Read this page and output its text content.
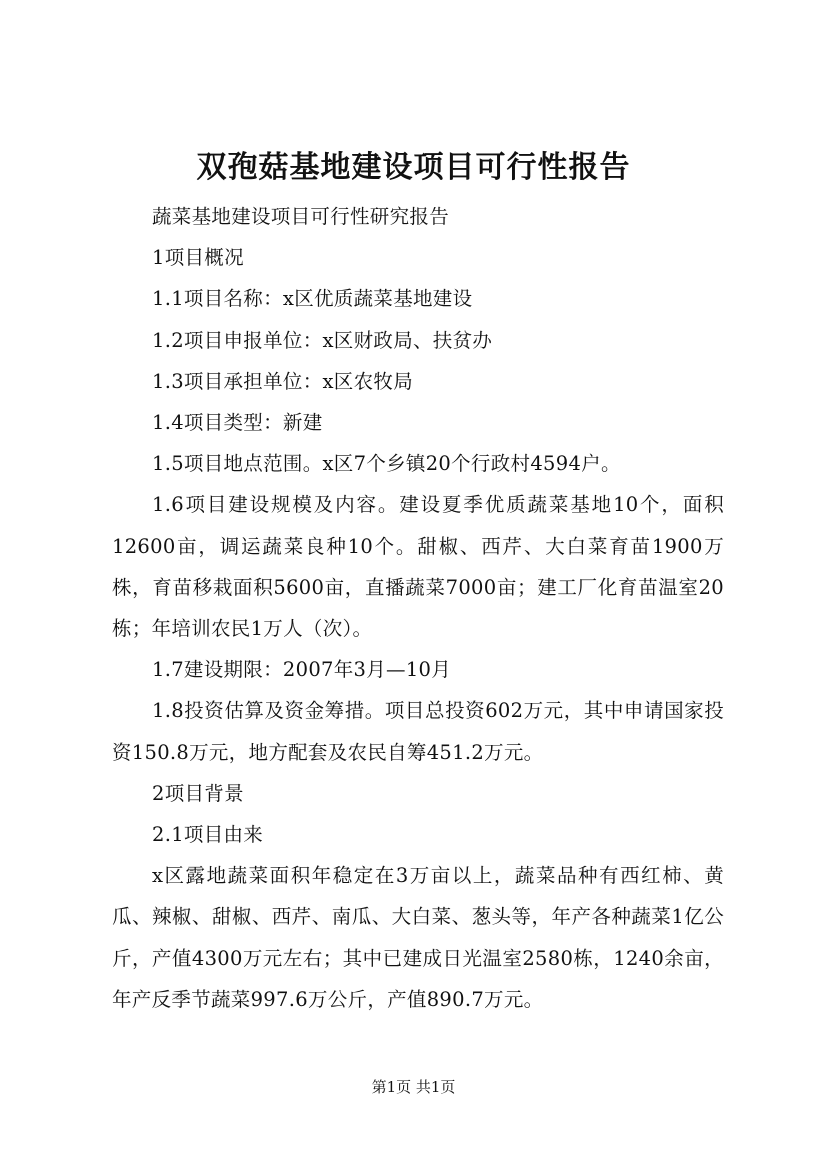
双孢菇基地建设项目可行性报告

蔬菜基地建设项目可行性研究报告

1项目概况

1.1项目名称：x区优质蔬菜基地建设

1.2项目申报单位：x区财政局、扶贫办

1.3项目承担单位：x区农牧局

1.4项目类型：新建

1.5项目地点范围。x区7个乡镇20个行政村4594户。

1.6项目建设规模及内容。建设夏季优质蔬菜基地10个，面积12600亩，调运蔬菜良种10个。甜椒、西芹、大白菜育苗1900万株，育苗移栽面积5600亩，直播蔬菜7000亩；建工厂化育苗温室20栋；年培训农民1万人（次）。

1.7建设期限：2007年3月—10月

1.8投资估算及资金筹措。项目总投资602万元，其中申请国家投资150.8万元，地方配套及农民自筹451.2万元。

2项目背景

2.1项目由来

x区露地蔬菜面积年稳定在3万亩以上，蔬菜品种有西红柿、黄瓜、辣椒、甜椒、西芹、南瓜、大白菜、葱头等，年产各种蔬菜1亿公斤，产值4300万元左右；其中已建成日光温室2580栋，1240余亩，年产反季节蔬菜997.6万公斤，产值890.7万元。

第1页 共1页
